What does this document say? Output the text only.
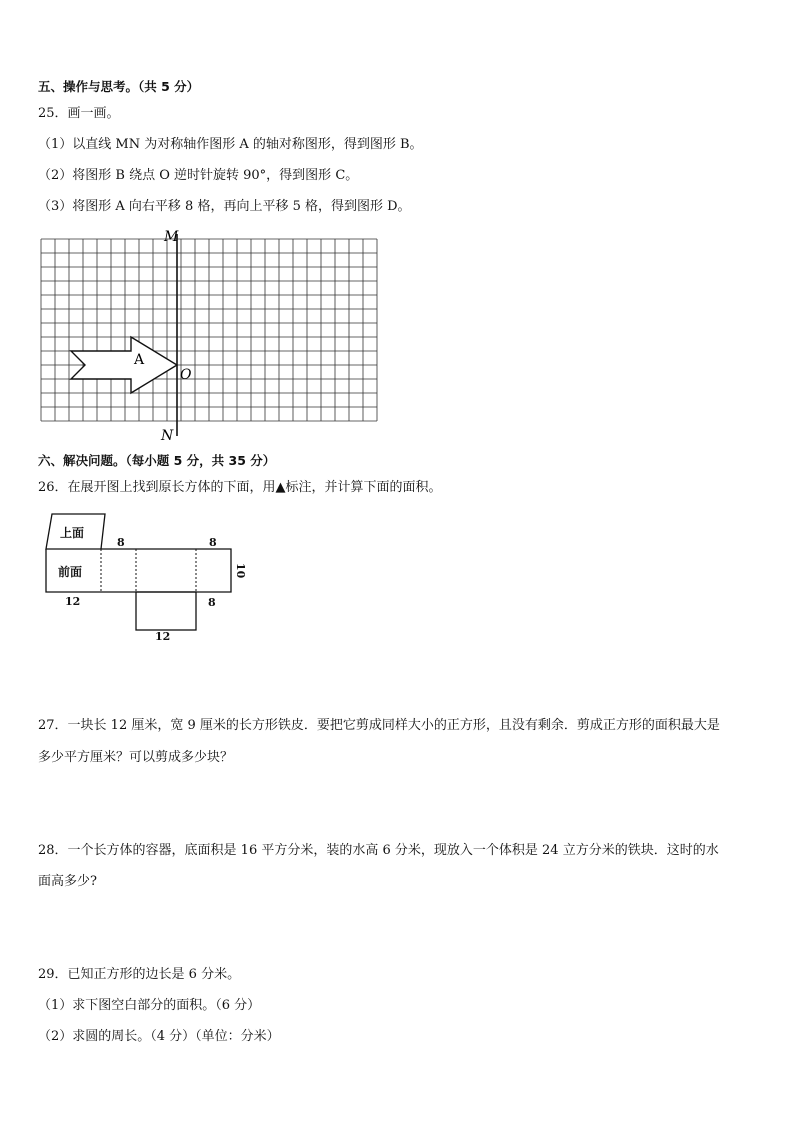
五、操作与思考。（共 5 分）
25．画一画。
（1）以直线 MN 为对称轴作图形 A 的轴对称图形，得到图形 B。
（2）将图形 B 绕点 O 逆时针旋转 90°，得到图形 C。
（3）将图形 A 向右平移 8 格，再向上平移 5 格，得到图形 D。
M
N
O
A
六、解决问题。（每小题 5 分，共 35 分）
26．在展开图上找到原长方体的下面，用▲标注，并计算下面的面积。
上面
前面
8	8
8
12
12
10
27．一块长 12 厘米，宽 9 厘米的长方形铁皮．要把它剪成同样大小的正方形，且没有剩余．剪成正方形的面积最大是
多少平方厘米？可以剪成多少块？
28．一个长方体的容器，底面积是 16 平方分米，装的水高 6 分米，现放入一个体积是 24 立方分米的铁块．这时的水
面高多少?
29．已知正方形的边长是 6 分米。
（1）求下图空白部分的面积。（6 分）
（2）求圆的周长。（4 分）（单位：分米）
